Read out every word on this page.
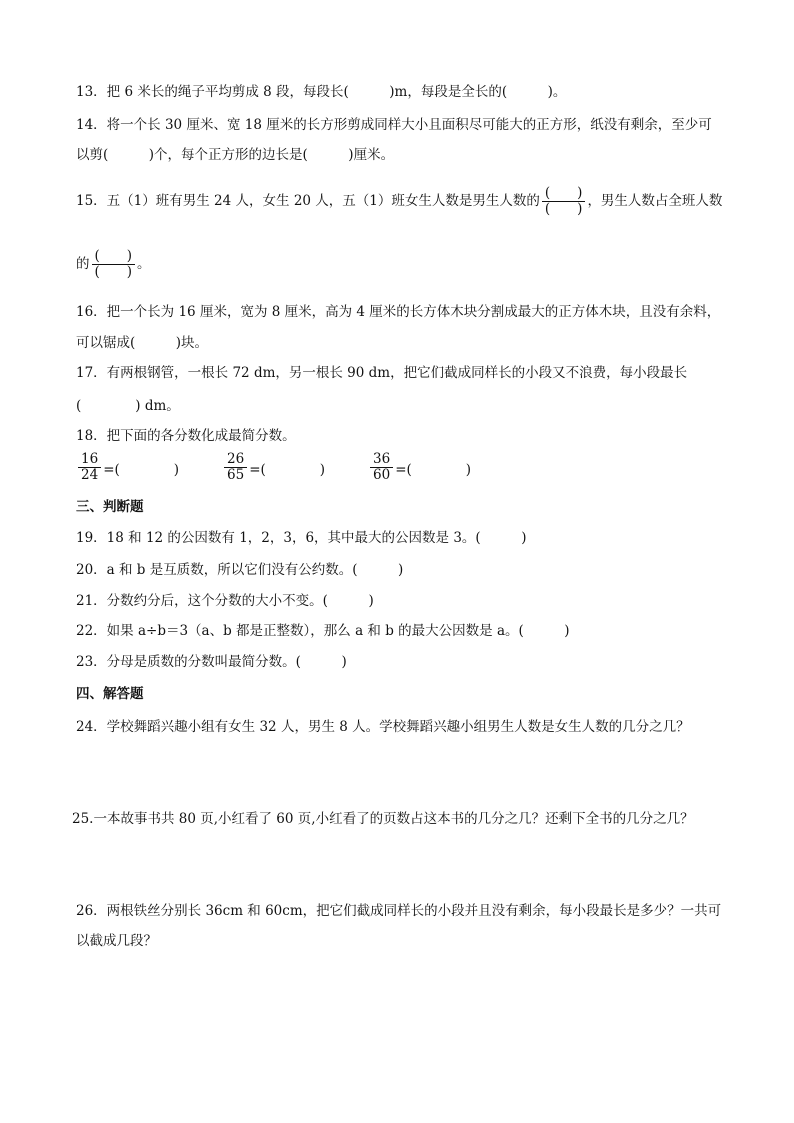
13．把 6 米长的绳子平均剪成 8 段，每段长(　　　)m，每段是全长的(　　　)。
14．将一个长 30 厘米、宽 18 厘米的长方形剪成同样大小且面积尽可能大的正方形，纸没有剩余，至少可
以剪(　　　)个，每个正方形的边长是(　　　)厘米。
15．五（1）班有男生 24 人，女生 20 人，五（1）班女生人数是男生人数的 $\frac{( )}{( )}$ ，男生人数占全班人数
的 $\frac{( )}{( )}$ 。
16．把一个长为 16 厘米，宽为 8 厘米，高为 4 厘米的长方体木块分割成最大的正方体木块，且没有余料，
可以锯成(　　　)块。
17．有两根钢管，一根长 72 dm，另一根长 90 dm，把它们截成同样长的小段又不浪费，每小段最长
(　　　　) dm。
18．把下面的各分数化成最简分数。
$\frac{16}{24}$ =(　　　　)	$\frac{26}{65}$ =(　　　　)	$\frac{36}{60}$ =(　　　　)
三、判断题
19．18 和 12 的公因数有 1，2，3，6，其中最大的公因数是 3。(　　　)
20．a 和 b 是互质数，所以它们没有公约数。(　　　)
21．分数约分后，这个分数的大小不变。(　　　)
22．如果 a÷b＝3（a、b 都是正整数），那么 a 和 b 的最大公因数是 a。(　　　)
23．分母是质数的分数叫最简分数。(　　　)
四、解答题
24．学校舞蹈兴趣小组有女生 32 人，男生 8 人。学校舞蹈兴趣小组男生人数是女生人数的几分之几？
25.一本故事书共 80 页,小红看了 60 页,小红看了的页数占这本书的几分之几？还剩下全书的几分之几？
26．两根铁丝分别长 36cm 和 60cm，把它们截成同样长的小段并且没有剩余，每小段最长是多少？一共可
以截成几段？
